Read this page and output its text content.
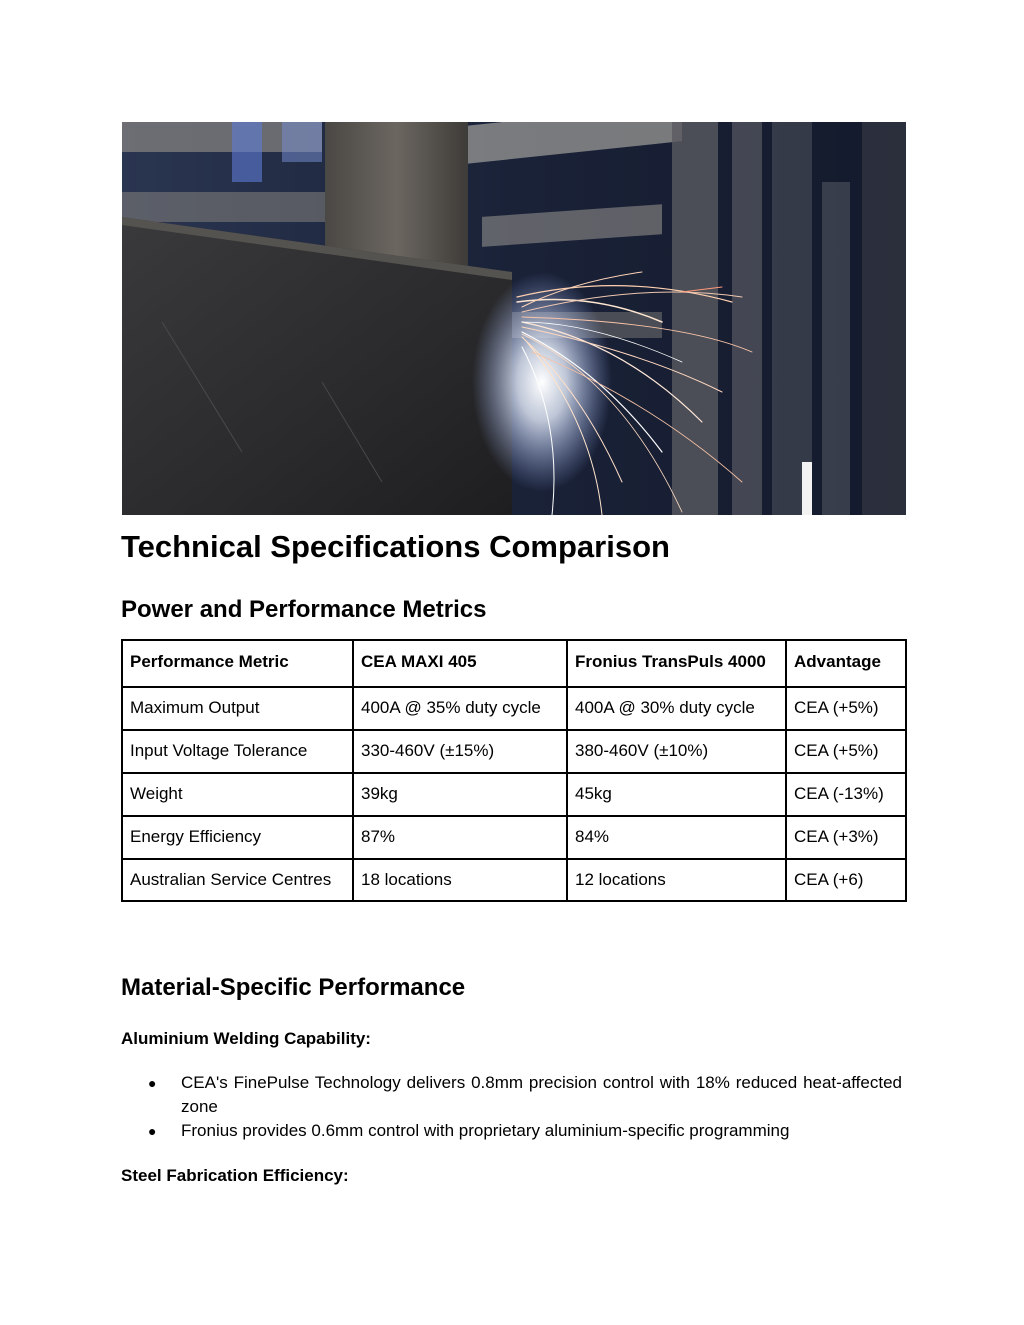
Technical Specifications Comparison
Power and Performance Metrics
Performance Metric	CEA MAXI 405	Fronius TransPuls 4000	Advantage
Maximum Output	400A @ 35% duty cycle	400A @ 30% duty cycle	CEA (+5%)
Input Voltage Tolerance	330-460V (±15%)	380-460V (±10%)	CEA (+5%)
Weight	39kg	45kg	CEA (-13%)
Energy Efficiency	87%	84%	CEA (+3%)
Australian Service Centres	18 locations	12 locations	CEA (+6)
Material-Specific Performance

Aluminium Welding Capability:

● CEA's FinePulse Technology delivers 0.8mm precision control with 18% reduced heat-affected zone
● Fronius provides 0.6mm control with proprietary aluminium-specific programming

Steel Fabrication Efficiency:
